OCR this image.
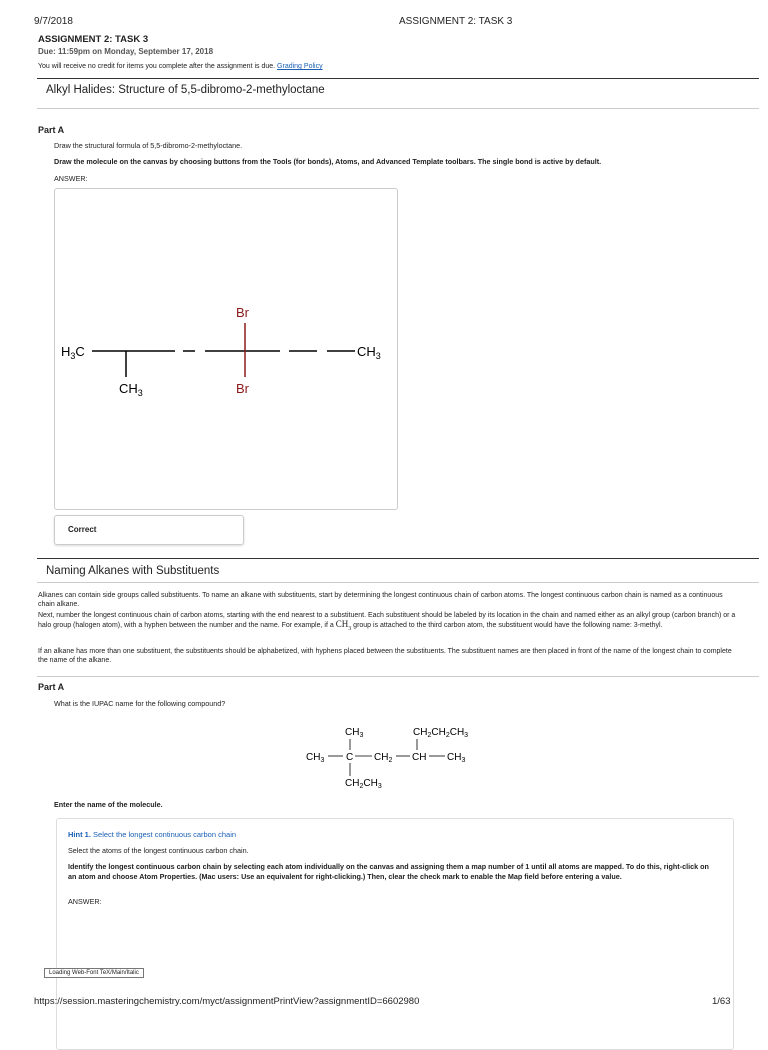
9/7/2018	ASSIGNMENT 2: TASK 3
ASSIGNMENT 2: TASK 3
Due: 11:59pm on Monday, September 17, 2018
You will receive no credit for items you complete after the assignment is due. Grading Policy
Alkyl Halides: Structure of 5,5-dibromo-2-methyloctane
Part A
Draw the structural formula of 5,5-dibromo-2-methyloctane.
Draw the molecule on the canvas by choosing buttons from the Tools (for bonds), Atoms, and Advanced Template toolbars. The single bond is active by default.
ANSWER:
$H_3C$	$CH_3$
$CH_3$
Br
Br
Correct
Naming Alkanes with Substituents
Alkanes can contain side groups called substituents. To name an alkane with substituents, start by determining the longest continuous chain of carbon atoms. The longest continuous carbon chain is named as a continuous chain alkane.
Next, number the longest continuous chain of carbon atoms, starting with the end nearest to a substituent. Each substituent should be labeled by its location in the chain and named either as an alkyl group (carbon branch) or a halo group (halogen atom), with a hyphen between the number and the name. For example, if a $CH_3$ group is attached to the third carbon atom, the substituent would have the following name: 3-methyl.
If an alkane has more than one substituent, the substituents should be alphabetized, with hyphens placed between the substituents. The substituent names are then placed in front of the name of the longest chain to complete the name of the alkane.
Part A
What is the IUPAC name for the following compound?
$CH_3$	$CH_2CH_2CH_3$
$CH_3$ C $CH_2$ CH $CH_3$
$CH_2CH_3$
Enter the name of the molecule.
Hint 1. Select the longest continuous carbon chain
Select the atoms of the longest continuous carbon chain.
Identify the longest continuous carbon chain by selecting each atom individually on the canvas and assigning them a map number of 1 until all atoms are mapped. To do this, right-click on an atom and choose Atom Properties. (Mac users: Use an equivalent for right-clicking.) Then, clear the check mark to enable the Map field before entering a value.
ANSWER:
Loading Web-Font TeX/Main/Italic
https://session.masteringchemistry.com/myct/assignmentPrintView?assignmentID=6602980	1/63
